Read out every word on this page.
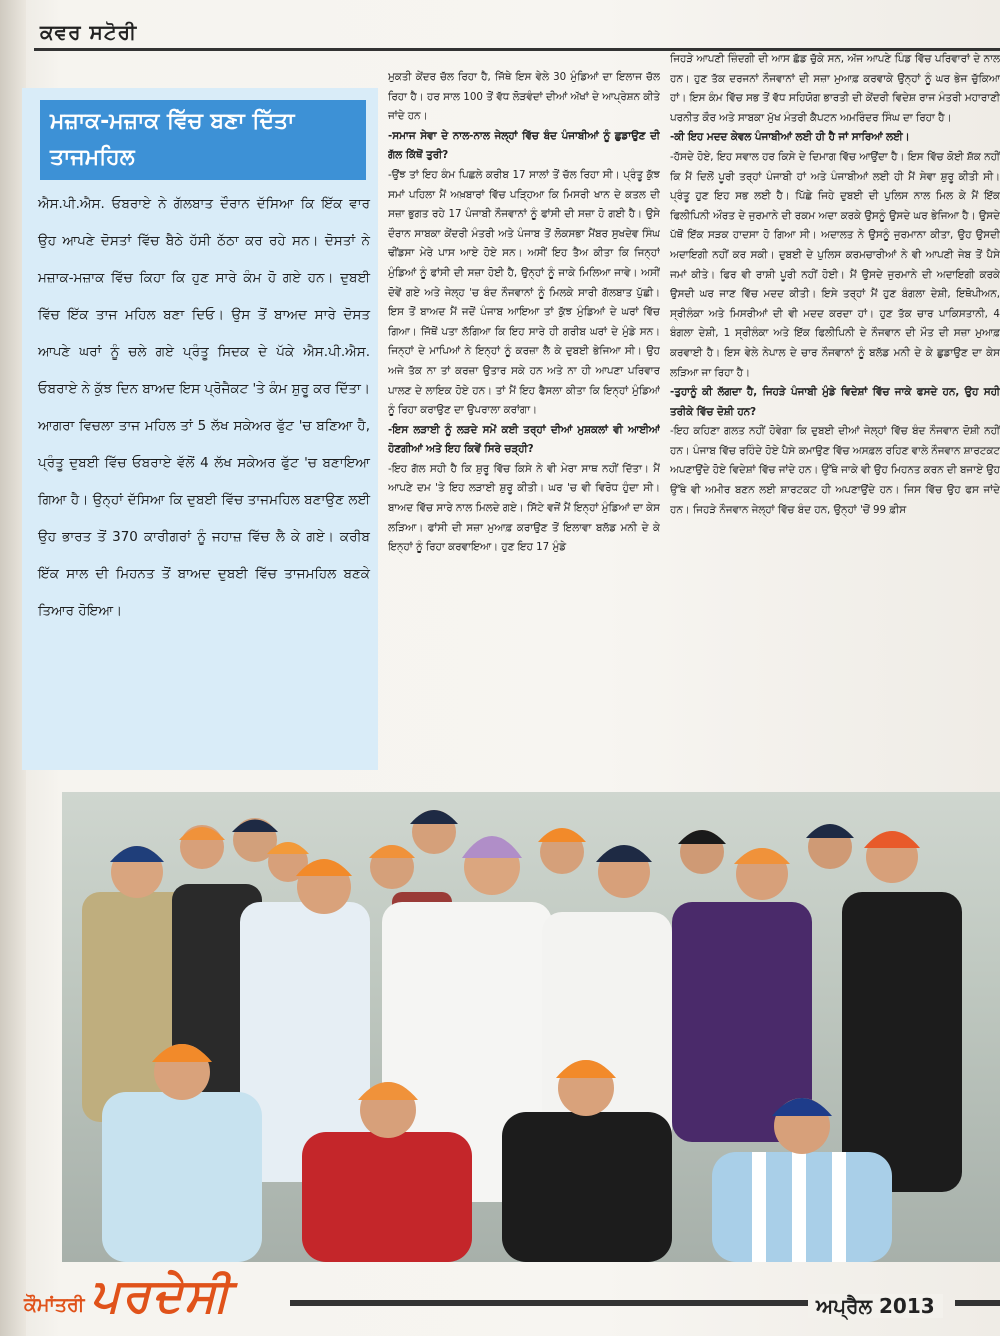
ਕਵਰ ਸਟੋਰੀ
ਮਜ਼ਾਕ-ਮਜ਼ਾਕ ਵਿੱਚ ਬਣਾ ਦਿੱਤਾ ਤਾਜਮਹਿਲ
ਐਸ.ਪੀ.ਐਸ. ਓਬਰਾਏ ਨੇ ਗੱਲਬਾਤ ਦੌਰਾਨ ਦੱਸਿਆ ਕਿ ਇੱਕ ਵਾਰ ਉਹ ਆਪਣੇ ਦੋਸਤਾਂ ਵਿੱਚ ਬੈਠੇ ਹੱਸੀ ਠੱਠਾ ਕਰ ਰਹੇ ਸਨ। ਦੋਸਤਾਂ ਨੇ ਮਜ਼ਾਕ-ਮਜ਼ਾਕ ਵਿੱਚ ਕਿਹਾ ਕਿ ਹੁਣ ਸਾਰੇ ਕੰਮ ਹੋ ਗਏ ਹਨ। ਦੁਬਈ ਵਿੱਚ ਇੱਕ ਤਾਜ ਮਹਿਲ ਬਣਾ ਦਿਓ। ਉਸ ਤੋਂ ਬਾਅਦ ਸਾਰੇ ਦੋਸਤ ਆਪਣੇ ਘਰਾਂ ਨੂੰ ਚਲੇ ਗਏ ਪ੍ਰੰਤੂ ਸਿਦਕ ਦੇ ਪੱਕੇ ਐਸ.ਪੀ.ਐਸ. ਓਬਰਾਏ ਨੇ ਕੁੱਝ ਦਿਨ ਬਾਅਦ ਇਸ ਪ੍ਰੋਜੈਕਟ 'ਤੇ ਕੰਮ ਸ਼ੁਰੂ ਕਰ ਦਿੱਤਾ। ਆਗਰਾ ਵਿਚਲਾ ਤਾਜ ਮਹਿਲ ਤਾਂ 5 ਲੱਖ ਸਕੇਅਰ ਫੁੱਟ 'ਚ ਬਣਿਆ ਹੈ, ਪ੍ਰੰਤੂ ਦੁਬਈ ਵਿੱਚ ਓਬਰਾਏ ਵੱਲੋਂ 4 ਲੱਖ ਸਕੇਅਰ ਫੁੱਟ 'ਚ ਬਣਾਇਆ ਗਿਆ ਹੈ। ਉਨ੍ਹਾਂ ਦੱਸਿਆ ਕਿ ਦੁਬਈ ਵਿੱਚ ਤਾਜਮਹਿਲ ਬਣਾਉਣ ਲਈ ਉਹ ਭਾਰਤ ਤੋਂ 370 ਕਾਰੀਗਰਾਂ ਨੂੰ ਜਹਾਜ਼ ਵਿੱਚ ਲੈ ਕੇ ਗਏ। ਕਰੀਬ ਇੱਕ ਸਾਲ ਦੀ ਮਿਹਨਤ ਤੋਂ ਬਾਅਦ ਦੁਬਈ ਵਿੱਚ ਤਾਜਮਹਿਲ ਬਣਕੇ ਤਿਆਰ ਹੋਇਆ।

ਮੁਕਤੀ ਕੇਂਦਰ ਚੱਲ ਰਿਹਾ ਹੈ, ਜਿੱਥੇ ਇਸ ਵੇਲੇ 30 ਮੁੰਡਿਆਂ ਦਾ ਇਲਾਜ ਚੱਲ ਰਿਹਾ ਹੈ। ਹਰ ਸਾਲ 100 ਤੋਂ ਵੱਧ ਲੋੜਵੰਦਾਂ ਦੀਆਂ ਅੱਖਾਂ ਦੇ ਆਪ੍ਰੇਸ਼ਨ ਕੀਤੇ ਜਾਂਦੇ ਹਨ।

-ਸਮਾਜ ਸੇਵਾ ਦੇ ਨਾਲ-ਨਾਲ ਜੇਲ੍ਹਾਂ ਵਿੱਚ ਬੰਦ ਪੰਜਾਬੀਆਂ ਨੂੰ ਛੁਡਾਉਣ ਦੀ ਗੱਲ ਕਿੱਥੋਂ ਤੁਰੀ?

-ਉਂਝ ਤਾਂ ਇਹ ਕੰਮ ਪਿਛਲੇ ਕਰੀਬ 17 ਸਾਲਾਂ ਤੋਂ ਚੱਲ ਰਿਹਾ ਸੀ। ਪ੍ਰੰਤੂ ਕੁੱਝ ਸਮਾਂ ਪਹਿਲਾ ਮੈਂ ਅਖ਼ਬਾਰਾਂ ਵਿੱਚ ਪੜ੍ਹਿਆ ਕਿ ਮਿਸਰੀ ਖਾਨ ਦੇ ਕਤਲ ਦੀ ਸਜ਼ਾ ਭੁਗਤ ਰਹੇ 17 ਪੰਜਾਬੀ ਨੌਜਵਾਨਾਂ ਨੂੰ ਫਾਂਸੀ ਦੀ ਸਜ਼ਾ ਹੋ ਗਈ ਹੈ। ਉਸੇ ਦੌਰਾਨ ਸਾਬਕਾ ਕੇਂਦਰੀ ਮੰਤਰੀ ਅਤੇ ਪੰਜਾਬ ਤੋਂ ਲੋਕਸਭਾ ਮੈਂਬਰ ਸੁਖਦੇਵ ਸਿੰਘ ਢੀਂਡਸਾ ਮੇਰੇ ਪਾਸ ਆਏ ਹੋਏ ਸਨ। ਅਸੀਂ ਇਹ ਤੈਅ ਕੀਤਾ ਕਿ ਜਿਨ੍ਹਾਂ ਮੁੰਡਿਆਂ ਨੂੰ ਫਾਂਸੀ ਦੀ ਸਜ਼ਾ ਹੋਈ ਹੈ, ਉਨ੍ਹਾਂ ਨੂੰ ਜਾਕੇ ਮਿਲਿਆ ਜਾਵੇ। ਅਸੀਂ ਦੋਵੇਂ ਗਏ ਅਤੇ ਜੇਲ੍ਹ 'ਚ ਬੰਦ ਨੌਜਵਾਨਾਂ ਨੂੰ ਮਿਲਕੇ ਸਾਰੀ ਗੱਲਬਾਤ ਪੁੱਛੀ। ਇਸ ਤੋਂ ਬਾਅਦ ਮੈਂ ਜਦੋਂ ਪੰਜਾਬ ਆਇਆ ਤਾਂ ਕੁੱਝ ਮੁੰਡਿਆਂ ਦੇ ਘਰਾਂ ਵਿੱਚ ਗਿਆ। ਜਿੱਥੋਂ ਪਤਾ ਲੱਗਿਆ ਕਿ ਇਹ ਸਾਰੇ ਹੀ ਗਰੀਬ ਘਰਾਂ ਦੇ ਮੁੰਡੇ ਸਨ। ਜਿਨ੍ਹਾਂ ਦੇ ਮਾਪਿਆਂ ਨੇ ਇਨ੍ਹਾਂ ਨੂੰ ਕਰਜ਼ਾ ਲੈ ਕੇ ਦੁਬਈ ਭੇਜਿਆ ਸੀ। ਉਹ ਅਜੇ ਤੱਕ ਨਾ ਤਾਂ ਕਰਜ਼ਾ ਉਤਾਰ ਸਕੇ ਹਨ ਅਤੇ ਨਾ ਹੀ ਆਪਣਾ ਪਰਿਵਾਰ ਪਾਲਣ ਦੇ ਲਾਇਕ ਹੋਏ ਹਨ। ਤਾਂ ਮੈਂ ਇਹ ਫੈਸਲਾ ਕੀਤਾ ਕਿ ਇਨ੍ਹਾਂ ਮੁੰਡਿਆਂ ਨੂੰ ਰਿਹਾ ਕਰਾਉਣ ਦਾ ਉਪਰਾਲਾ ਕਰਾਂਗਾ।

-ਇਸ ਲੜਾਈ ਨੂੰ ਲੜਦੇ ਸਮੇਂ ਕਈ ਤਰ੍ਹਾਂ ਦੀਆਂ ਮੁਸ਼ਕਲਾਂ ਵੀ ਆਈਆਂ ਹੋਣਗੀਆਂ ਅਤੇ ਇਹ ਕਿਵੇਂ ਸਿਰੇ ਚੜ੍ਹੀ?

-ਇਹ ਗੱਲ ਸਹੀ ਹੈ ਕਿ ਸ਼ੁਰੂ ਵਿੱਚ ਕਿਸੇ ਨੇ ਵੀ ਮੇਰਾ ਸਾਥ ਨਹੀਂ ਦਿੱਤਾ। ਮੈਂ ਆਪਣੇ ਦਮ 'ਤੇ ਇਹ ਲੜਾਈ ਸ਼ੁਰੂ ਕੀਤੀ। ਘਰ 'ਚ ਵੀ ਵਿਰੋਧ ਹੁੰਦਾ ਸੀ। ਬਾਅਦ ਵਿੱਚ ਸਾਰੇ ਨਾਲ ਮਿਲਦੇ ਗਏ। ਸਿੱਟੇ ਵਜੋਂ ਮੈਂ ਇਨ੍ਹਾਂ ਮੁੰਡਿਆਂ ਦਾ ਕੇਸ ਲੜਿਆ। ਫਾਂਸੀ ਦੀ ਸਜ਼ਾ ਮੁਆਫ਼ ਕਰਾਉਣ ਤੋਂ ਇਲਾਵਾ ਬਲੱਡ ਮਨੀ ਦੇ ਕੇ ਇਨ੍ਹਾਂ ਨੂੰ ਰਿਹਾ ਕਰਵਾਇਆ। ਹੁਣ ਇਹ 17 ਮੁੰਡੇ

ਜਿਹੜੇ ਆਪਣੀ ਜ਼ਿੰਦਗੀ ਦੀ ਆਸ ਛੱਡ ਚੁੱਕੇ ਸਨ, ਅੱਜ ਆਪਣੇ ਪਿੰਡ ਵਿੱਚ ਪਰਿਵਾਰਾਂ ਦੇ ਨਾਲ ਹਨ। ਹੁਣ ਤੱਕ ਦਰਜਨਾਂ ਨੌਜਵਾਨਾਂ ਦੀ ਸਜ਼ਾ ਮੁਆਫ਼ ਕਰਵਾਕੇ ਉਨ੍ਹਾਂ ਨੂੰ ਘਰ ਭੇਜ ਚੁੱਕਿਆ ਹਾਂ। ਇਸ ਕੰਮ ਵਿੱਚ ਸਭ ਤੋਂ ਵੱਧ ਸਹਿਯੋਗ ਭਾਰਤੀ ਦੀ ਕੇਂਦਰੀ ਵਿਦੇਸ਼ ਰਾਜ ਮੰਤਰੀ ਮਹਾਰਾਣੀ ਪਰਨੀਤ ਕੌਰ ਅਤੇ ਸਾਬਕਾ ਮੁੱਖ ਮੰਤਰੀ ਕੈਪਟਨ ਅਮਰਿੰਦਰ ਸਿੰਘ ਦਾ ਰਿਹਾ ਹੈ।

-ਕੀ ਇਹ ਮਦਦ ਕੇਵਲ ਪੰਜਾਬੀਆਂ ਲਈ ਹੀ ਹੈ ਜਾਂ ਸਾਰਿਆਂ ਲਈ।

-ਹੱਸਦੇ ਹੋਏ, ਇਹ ਸਵਾਲ ਹਰ ਕਿਸੇ ਦੇ ਦਿਮਾਗ ਵਿੱਚ ਆਉਂਦਾ ਹੈ। ਇਸ ਵਿੱਚ ਕੋਈ ਸ਼ੱਕ ਨਹੀਂ ਕਿ ਮੈਂ ਦਿਲੋਂ ਪੂਰੀ ਤਰ੍ਹਾਂ ਪੰਜਾਬੀ ਹਾਂ ਅਤੇ ਪੰਜਾਬੀਆਂ ਲਈ ਹੀ ਮੈਂ ਸੇਵਾ ਸ਼ੁਰੂ ਕੀਤੀ ਸੀ। ਪ੍ਰੰਤੂ ਹੁਣ ਇਹ ਸਭ ਲਈ ਹੈ। ਪਿੱਛੇ ਜਿਹੇ ਦੁਬਈ ਦੀ ਪੁਲਿਸ ਨਾਲ ਮਿਲ ਕੇ ਮੈਂ ਇੱਕ ਫਿਲੀਪਿਨੀ ਔਰਤ ਦੇ ਜੁਰਮਾਨੇ ਦੀ ਰਕਮ ਅਦਾ ਕਰਕੇ ਉਸਨੂੰ ਉਸਦੇ ਘਰ ਭੇਜਿਆ ਹੈ। ਉਸਦੇ ਪੱਥੋਂ ਇੱਕ ਸੜਕ ਹਾਦਸਾ ਹੋ ਗਿਆ ਸੀ। ਅਦਾਲਤ ਨੇ ਉਸਨੂੰ ਜੁਰਮਾਨਾ ਕੀਤਾ, ਉਹ ਉਸਦੀ ਅਦਾਇਗੀ ਨਹੀਂ ਕਰ ਸਕੀ। ਦੁਬਈ ਦੇ ਪੁਲਿਸ ਕਰਮਚਾਰੀਆਂ ਨੇ ਵੀ ਆਪਣੀ ਜੇਬ ਤੋਂ ਪੈਸੇ ਜਮਾਂ ਕੀਤੇ। ਫਿਰ ਵੀ ਰਾਸ਼ੀ ਪੂਰੀ ਨਹੀਂ ਹੋਈ। ਮੈਂ ਉਸਦੇ ਜੁਰਮਾਨੇ ਦੀ ਅਦਾਇਗੀ ਕਰਕੇ ਉਸਦੀ ਘਰ ਜਾਣ ਵਿੱਚ ਮਦਦ ਕੀਤੀ। ਇਸੇ ਤਰ੍ਹਾਂ ਮੈਂ ਹੁਣ ਬੰਗਲਾ ਦੇਸ਼ੀ, ਇਥੋਪੀਅਨ, ਸ੍ਰੀਲੰਕਾ ਅਤੇ ਮਿਸਰੀਆਂ ਦੀ ਵੀ ਮਦਦ ਕਰਦਾ ਹਾਂ। ਹੁਣ ਤੱਕ ਚਾਰ ਪਾਕਿਸਤਾਨੀ, 4 ਬੰਗਲਾ ਦੇਸ਼ੀ, 1 ਸ੍ਰੀਲੰਕਾ ਅਤੇ ਇੱਕ ਫਿਲੀਪਿਨੀ ਦੇ ਨੌਜਵਾਨ ਦੀ ਮੌਤ ਦੀ ਸਜ਼ਾ ਮੁਆਫ਼ ਕਰਵਾਈ ਹੈ। ਇਸ ਵੇਲੇ ਨੇਪਾਲ ਦੇ ਚਾਰ ਨੌਜਵਾਨਾਂ ਨੂੰ ਬਲੱਡ ਮਨੀ ਦੇ ਕੇ ਛੁਡਾਉਣ ਦਾ ਕੇਸ ਲੜਿਆ ਜਾ ਰਿਹਾ ਹੈ।

-ਤੁਹਾਨੂੰ ਕੀ ਲੱਗਦਾ ਹੈ, ਜਿਹੜੇ ਪੰਜਾਬੀ ਮੁੰਡੇ ਵਿਦੇਸ਼ਾਂ ਵਿੱਚ ਜਾਕੇ ਫਸਦੇ ਹਨ, ਉਹ ਸਹੀ ਤਰੀਕੇ ਵਿੱਚ ਦੋਸ਼ੀ ਹਨ?

-ਇਹ ਕਹਿਣਾ ਗਲਤ ਨਹੀਂ ਹੋਵੇਗਾ ਕਿ ਦੁਬਈ ਦੀਆਂ ਜੇਲ੍ਹਾਂ ਵਿੱਚ ਬੰਦ ਨੌਜਵਾਨ ਦੋਸ਼ੀ ਨਹੀਂ ਹਨ। ਪੰਜਾਬ ਵਿੱਚ ਰਹਿੰਦੇ ਹੋਏ ਪੈਸੇ ਕਮਾਉਣ ਵਿੱਚ ਅਸਫ਼ਲ ਰਹਿਣ ਵਾਲੇ ਨੌਜਵਾਨ ਸ਼ਾਰਟਕਟ ਅਪਣਾਉਂਦੇ ਹੋਏ ਵਿਦੇਸ਼ਾਂ ਵਿੱਚ ਜਾਂਦੇ ਹਨ। ਉੱਥੇ ਜਾਕੇ ਵੀ ਉਹ ਮਿਹਨਤ ਕਰਨ ਦੀ ਬਜਾਏ ਉਹ ਉੱਥੇ ਵੀ ਅਮੀਰ ਬਣਨ ਲਈ ਸ਼ਾਰਟਕਟ ਹੀ ਅਪਣਾਉਂਦੇ ਹਨ। ਜਿਸ ਵਿੱਚ ਉਹ ਫਸ ਜਾਂਦੇ ਹਨ। ਜਿਹੜੇ ਨੌਜਵਾਨ ਜੇਲ੍ਹਾਂ ਵਿੱਚ ਬੰਦ ਹਨ, ਉਨ੍ਹਾਂ 'ਚੋਂ 99 ਫ਼ੀਸ

ਕੌਮਾਂਤਰੀ ਪਰਦੇਸੀ	ਅਪ੍ਰੈਲ 2013
